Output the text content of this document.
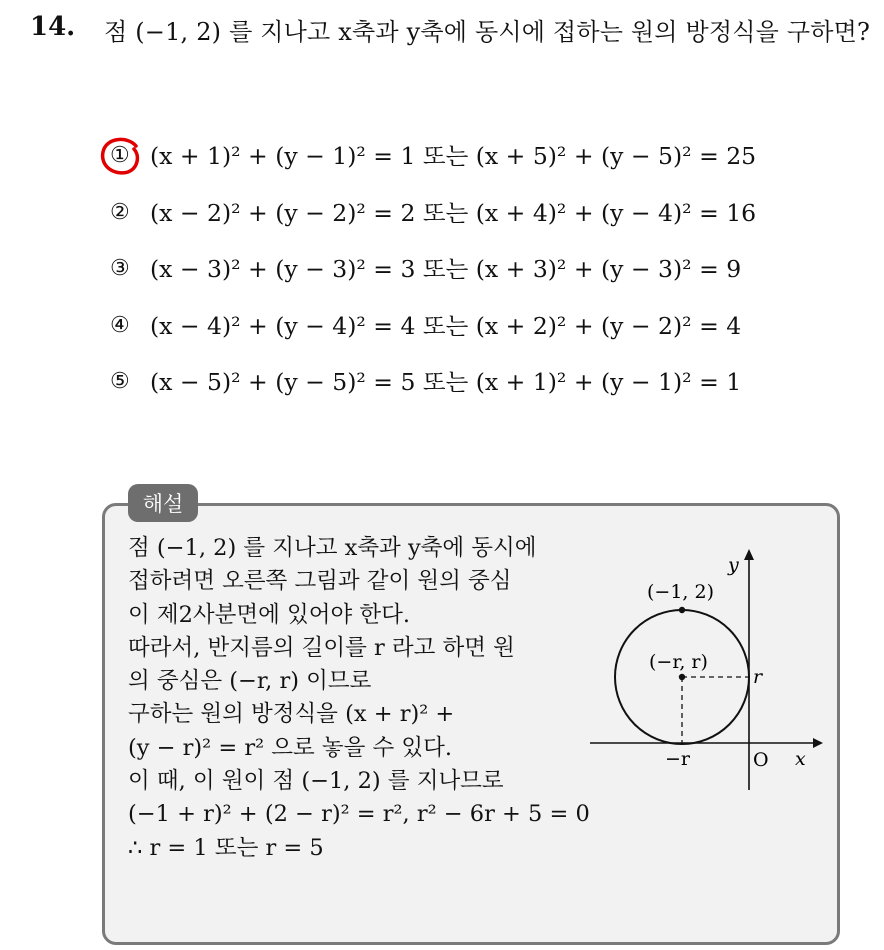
14. 점 (−1, 2) 를 지나고 x축과 y축에 동시에 접하는 원의 방정식을 구하면?
① (x + 1)² + (y − 1)² = 1 또는 (x + 5)² + (y − 5)² = 25
② (x − 2)² + (y − 2)² = 2 또는 (x + 4)² + (y − 4)² = 16
③ (x − 3)² + (y − 3)² = 3 또는 (x + 3)² + (y − 3)² = 9
④ (x − 4)² + (y − 4)² = 4 또는 (x + 2)² + (y − 2)² = 4
⑤ (x − 5)² + (y − 5)² = 5 또는 (x + 1)² + (y − 1)² = 1
해설
점 (−1, 2) 를 지나고 x축과 y축에 동시에
접하려면 오른쪽 그림과 같이 원의 중심
이 제2사분면에 있어야 한다.
따라서, 반지름의 길이를 r 라고 하면 원
의 중심은 (−r, r) 이므로
구하는 원의 방정식을 (x + r)² +
(y − r)² = r² 으로 놓을 수 있다.
이 때, 이 원이 점 (−1, 2) 를 지나므로
(−1 + r)² + (2 − r)² = r², r² − 6r + 5 = 0
∴ r = 1 또는 r = 5
(−1, 2)
(−r, r)
y
x
O
r
−r
